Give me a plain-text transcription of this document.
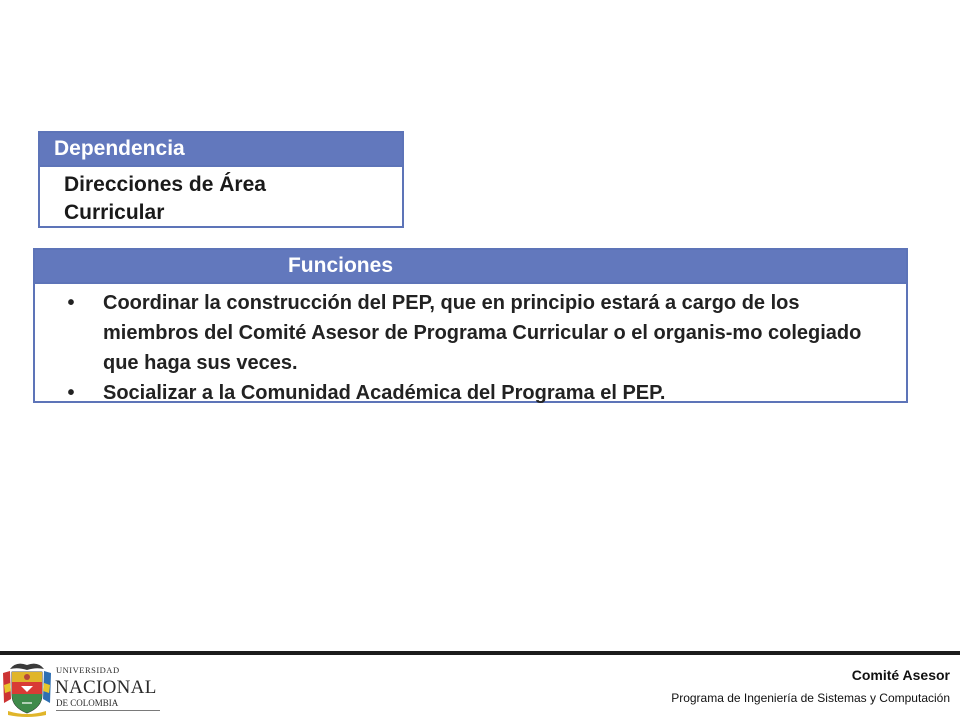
Dependencia
Direcciones de Área
Curricular
Funciones
•	Coordinar la construcción del PEP, que en principio estará a cargo de los miembros del Comité Asesor de Programa Curricular o el organis-mo colegiado que haga sus veces.
•	Socializar a la Comunidad Académica del Programa el PEP.
UNIVERSIDAD
NACIONAL
DE COLOMBIA
Comité Asesor
Programa de Ingeniería de Sistemas y Computación
